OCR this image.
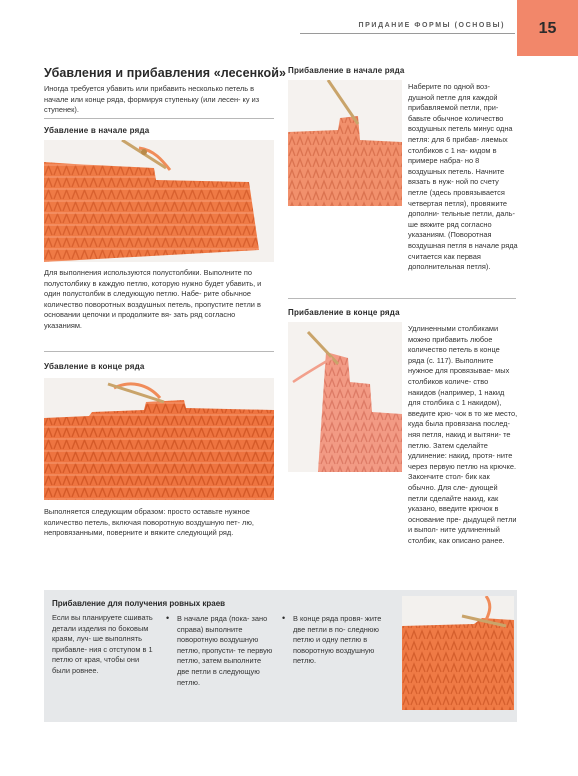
ПРИДАНИЕ ФОРМЫ (ОСНОВЫ)	15
Убавления и прибавления «лесенкой»
Иногда требуется убавить или прибавить несколько петель в начале или конце ряда, формируя ступеньку (или лесен- ку из ступенек).
Убавление в начале ряда
Для выполнения используются полустолбики. Выполните по полустолбику в каждую петлю, которую нужно будет убавить, и один полустолбик в следующую петлю. Набе- рите обычное количество поворотных воздушных петель, пропустите петли в основании цепочки и продолжите вя- зать ряд согласно указаниям.
Убавление в конце ряда
Выполняется следующим образом: просто оставьте нужное количество петель, включая поворотную воздушную пет- лю, непровязанными, поверните и вяжите следующий ряд.
Прибавление в начале ряда
Наберите по одной воз- душной петле для каждой прибавляемой петли, при- бавьте обычное количество воздушных петель минус одна петля: для 6 прибав- ляемых столбиков с 1 на- кидом в примере набра- но 8 воздушных петель. Начните вязать в нуж- ной по счету петле (здесь провязывается четвертая петля), провяжите дополни- тельные петли, даль- ше вяжите ряд согласно указаниям. (Поворотная воздушная петля в начале ряда считается как первая дополнительная петля).
Прибавление в конце ряда
Удлиненными столбиками можно прибавить любое количество петель в конце ряда (с. 117). Выполните нужное для провязывае- мых столбиков количе- ство накидов (например, 1 накид для столбика с 1 накидом), введите крю- чок в то же место, куда была провязана послед- няя петля, накид и вытяни- те петлю. Затем сделайте удлинение: накид, протя- ните через первую петлю на крючке. Закончите стол- бик как обычно. Для сле- дующей петли сделайте накид, как указано, введите крючок в основание пре- дыдущей петли и выпол- ните удлиненный столбик, как описано ранее.
Прибавление для получения ровных краев
Если вы планируете сшивать детали изделия по боковым краям, луч- ше выполнять прибавле- ния с отступом в 1 петлю от края, чтобы они были ровнее.
• В начале ряда (пока- зано справа) выполните поворотную воздушную петлю, пропусти- те первую петлю, затем выполните две петли в следующую петлю.
• В конце ряда провя- жите две петли в по- следнюю петлю и одну петлю в поворотную воздушную петлю.
